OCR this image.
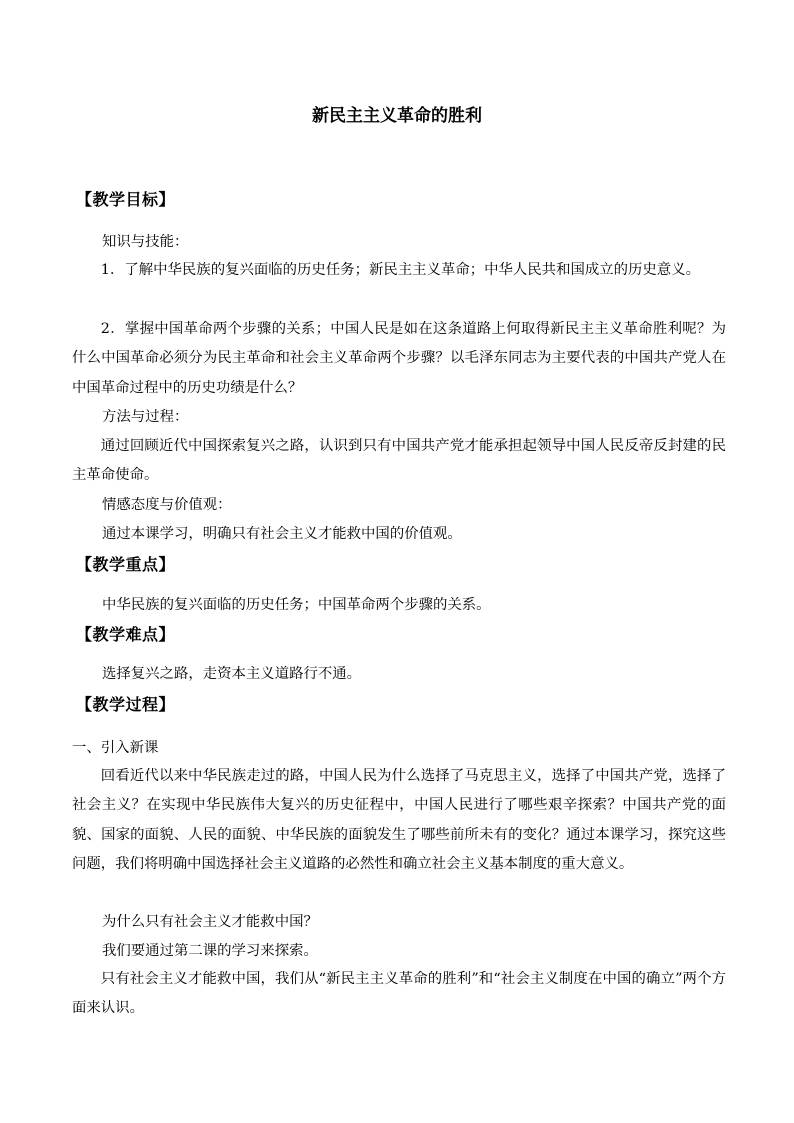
新民主主义革命的胜利
【教学目标】
知识与技能：
1．了解中华民族的复兴面临的历史任务；新民主主义革命；中华人民共和国成立的历史意义。
2．掌握中国革命两个步骤的关系；中国人民是如在这条道路上何取得新民主主义革命胜利呢？为什么中国革命必须分为民主革命和社会主义革命两个步骤？以毛泽东同志为主要代表的中国共产党人在中国革命过程中的历史功绩是什么？
方法与过程：
通过回顾近代中国探索复兴之路，认识到只有中国共产党才能承担起领导中国人民反帝反封建的民主革命使命。
情感态度与价值观：
通过本课学习，明确只有社会主义才能救中国的价值观。
【教学重点】
中华民族的复兴面临的历史任务；中国革命两个步骤的关系。
【教学难点】
选择复兴之路，走资本主义道路行不通。
【教学过程】
一、引入新课
回看近代以来中华民族走过的路，中国人民为什么选择了马克思主义，选择了中国共产党，选择了社会主义？在实现中华民族伟大复兴的历史征程中，中国人民进行了哪些艰辛探索？中国共产党的面貌、国家的面貌、人民的面貌、中华民族的面貌发生了哪些前所未有的变化？通过本课学习，探究这些问题，我们将明确中国选择社会主义道路的必然性和确立社会主义基本制度的重大意义。
为什么只有社会主义才能救中国？
我们要通过第二课的学习来探索。
只有社会主义才能救中国，我们从“新民主主义革命的胜利”和“社会主义制度在中国的确立”两个方面来认识。
